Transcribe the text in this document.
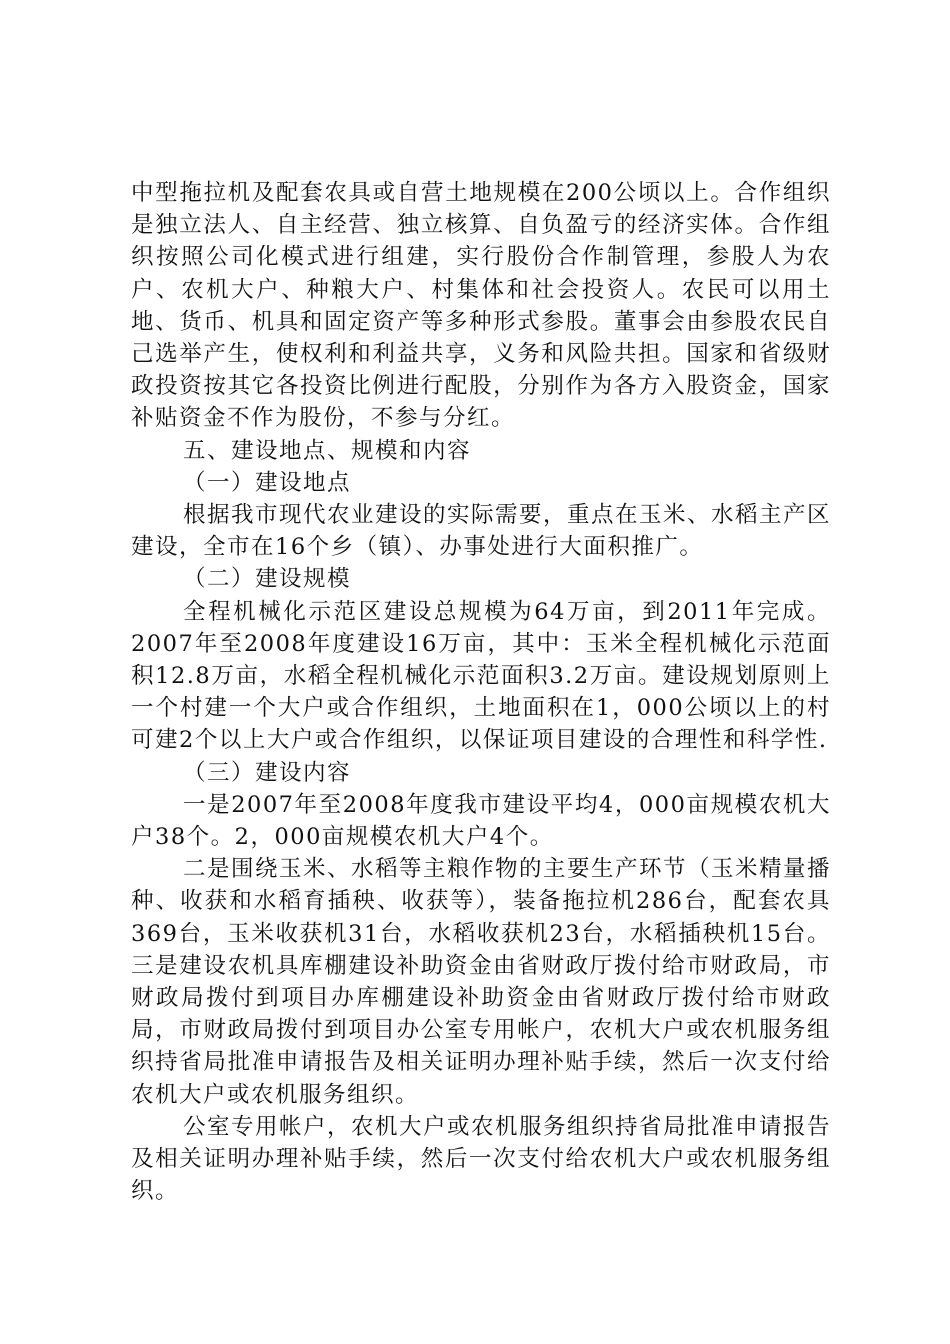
中型拖拉机及配套农具或自营土地规模在200公顷以上。合作组织是独立法人、自主经营、独立核算、自负盈亏的经济实体。合作组织按照公司化模式进行组建，实行股份合作制管理，参股人为农户、农机大户、种粮大户、村集体和社会投资人。农民可以用土地、货币、机具和固定资产等多种形式参股。董事会由参股农民自己选举产生，使权利和利益共享，义务和风险共担。国家和省级财政投资按其它各投资比例进行配股，分别作为各方入股资金，国家补贴资金不作为股份，不参与分红。

五、建设地点、规模和内容

（一）建设地点

根据我市现代农业建设的实际需要，重点在玉米、水稻主产区建设，全市在16个乡（镇）、办事处进行大面积推广。

（二）建设规模

全程机械化示范区建设总规模为64万亩，到2011年完成。2007年至2008年度建设16万亩，其中：玉米全程机械化示范面积12.8万亩，水稻全程机械化示范面积3.2万亩。建设规划原则上一个村建一个大户或合作组织，土地面积在1，000公顷以上的村可建2个以上大户或合作组织，以保证项目建设的合理性和科学性.

（三）建设内容

一是2007年至2008年度我市建设平均4，000亩规模农机大户38个。2，000亩规模农机大户4个。

二是围绕玉米、水稻等主粮作物的主要生产环节（玉米精量播种、收获和水稻育插秧、收获等），装备拖拉机286台，配套农具369台，玉米收获机31台，水稻收获机23台，水稻插秧机15台。三是建设农机具库棚建设补助资金由省财政厅拨付给市财政局，市财政局拨付到项目办库棚建设补助资金由省财政厅拨付给市财政局，市财政局拨付到项目办公室专用帐户，农机大户或农机服务组织持省局批准申请报告及相关证明办理补贴手续，然后一次支付给农机大户或农机服务组织。

公室专用帐户，农机大户或农机服务组织持省局批准申请报告及相关证明办理补贴手续，然后一次支付给农机大户或农机服务组织。
